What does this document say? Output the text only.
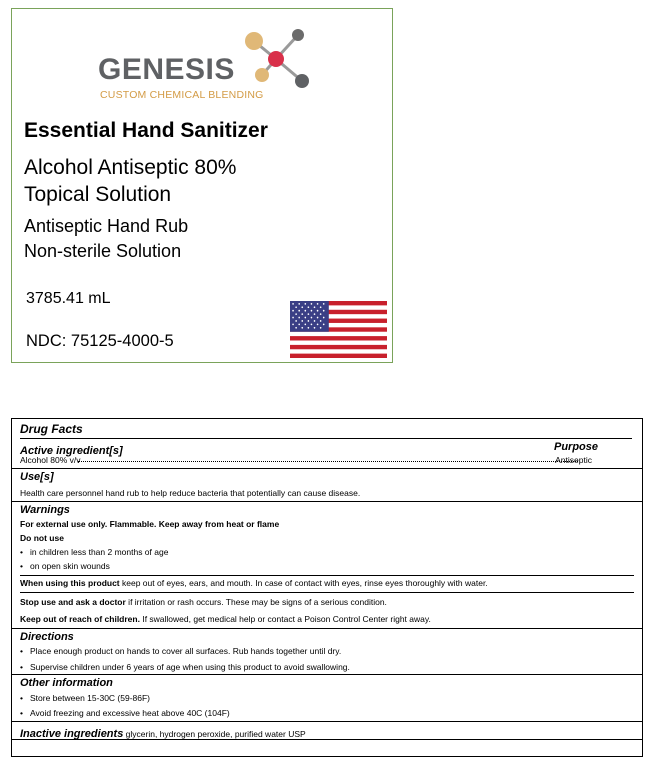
GENESIS
CUSTOM CHEMICAL BLENDING
Essential Hand Sanitizer
Alcohol Antiseptic 80%
Topical Solution
Antiseptic Hand Rub
Non-sterile Solution
3785.41 mL
NDC: 75125-4000-5
Drug Facts
Active ingredient[s]	Purpose
Alcohol 80% v/v	Antiseptic
Use[s]
Health care personnel hand rub to help reduce bacteria that potentially can cause disease.
Warnings
For external use only. Flammable. Keep away from heat or flame
Do not use
• in children less than 2 months of age
• on open skin wounds
When using this product keep out of eyes, ears, and mouth. In case of contact with eyes, rinse eyes thoroughly with water.
Stop use and ask a doctor if irritation or rash occurs. These may be signs of a serious condition.
Keep out of reach of children. If swallowed, get medical help or contact a Poison Control Center right away.
Directions
• Place enough product on hands to cover all surfaces. Rub hands together until dry.
• Supervise children under 6 years of age when using this product to avoid swallowing.
Other information
• Store between 15-30C (59-86F)
• Avoid freezing and excessive heat above 40C (104F)
Inactive ingredients glycerin, hydrogen peroxide, purified water USP
